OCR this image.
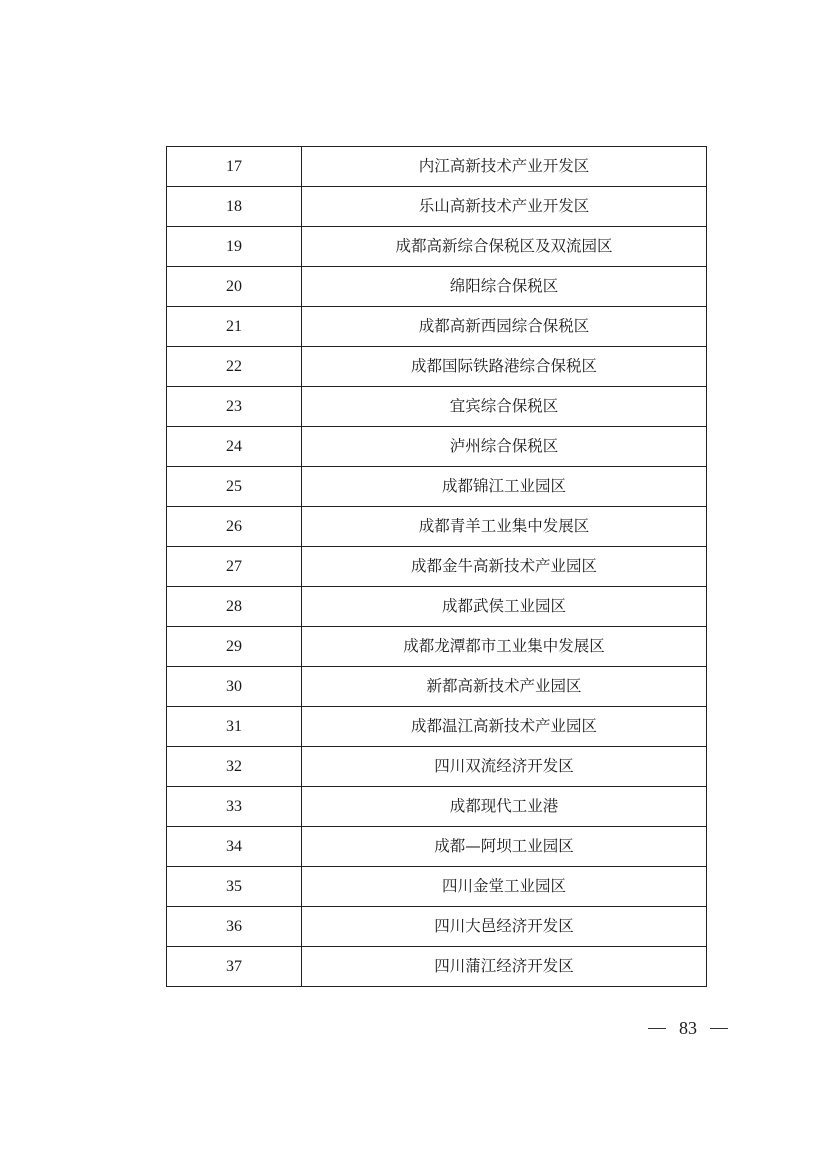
17	内江高新技术产业开发区
18	乐山高新技术产业开发区
19	成都高新综合保税区及双流园区
20	绵阳综合保税区
21	成都高新西园综合保税区
22	成都国际铁路港综合保税区
23	宜宾综合保税区
24	泸州综合保税区
25	成都锦江工业园区
26	成都青羊工业集中发展区
27	成都金牛高新技术产业园区
28	成都武侯工业园区
29	成都龙潭都市工业集中发展区
30	新都高新技术产业园区
31	成都温江高新技术产业园区
32	四川双流经济开发区
33	成都现代工业港
34	成都—阿坝工业园区
35	四川金堂工业园区
36	四川大邑经济开发区
37	四川蒲江经济开发区
83
